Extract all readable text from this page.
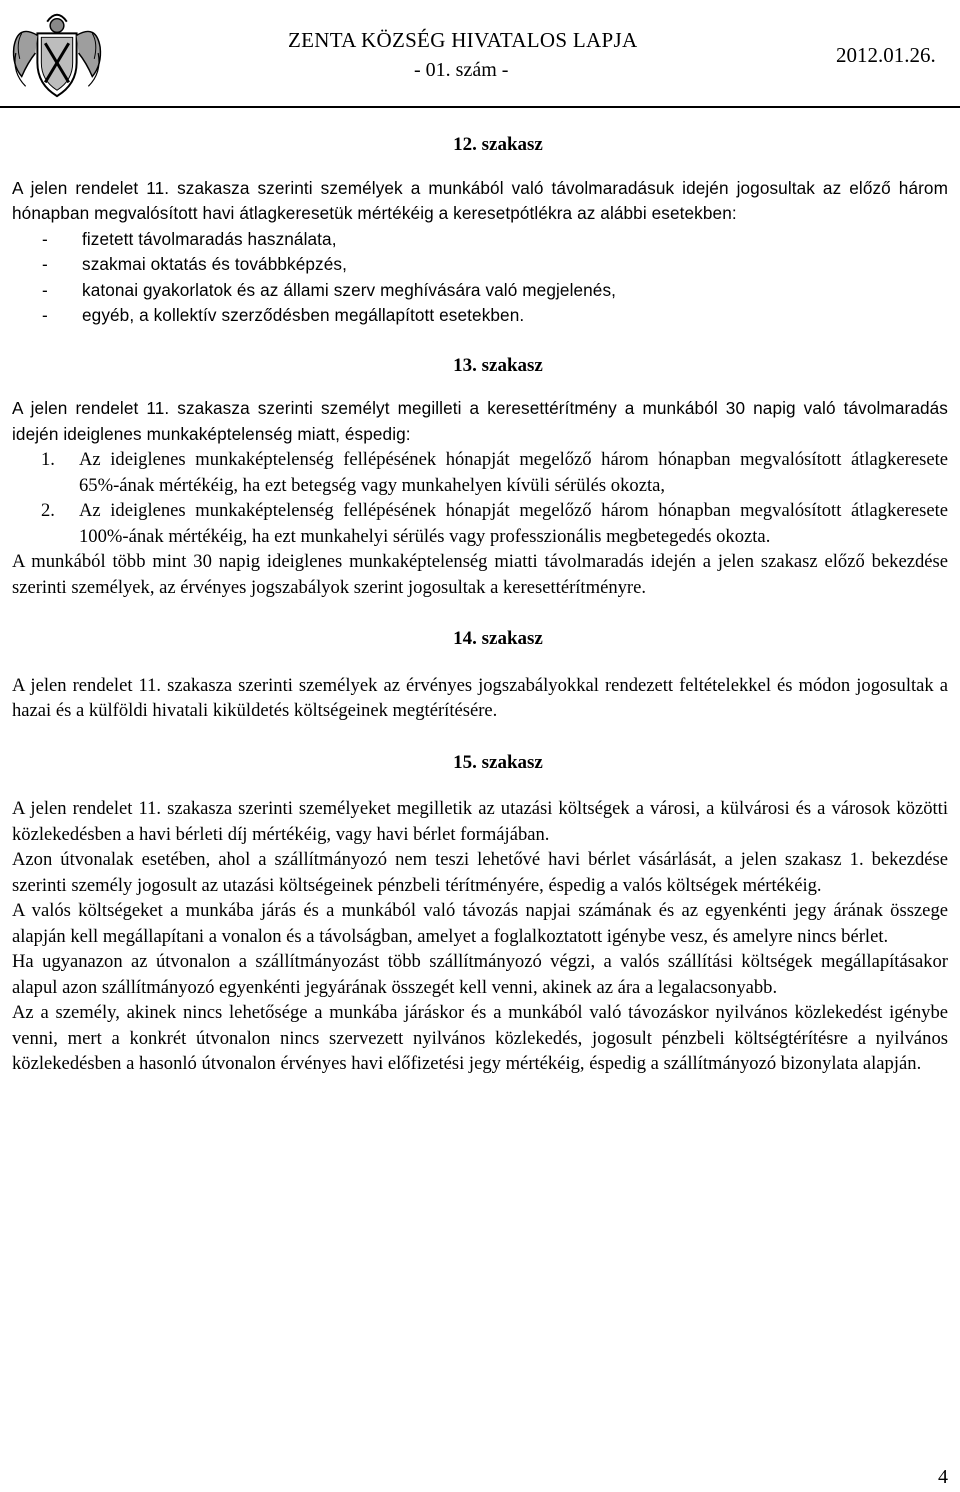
ZENTA KÖZSÉG HIVATALOS LAPJA
- 01. szám -
2012.01.26.

12. szakasz

A jelen rendelet 11. szakasza szerinti személyek a munkából való távolmaradásuk idején jogosultak az előző három hónapban megvalósított havi átlagkeresetük mértékéig a keresetpótlékra az alábbi esetekben:

- fizetett távolmaradás használata,
- szakmai oktatás és továbbképzés,
- katonai gyakorlatok és az állami szerv meghívására való megjelenés,
- egyéb, a kollektív szerződésben megállapított esetekben.

13. szakasz

A jelen rendelet 11. szakasza szerinti személyt megilleti a keresettérítmény a munkából 30 napig való távolmaradás idején ideiglenes munkaképtelenség miatt, éspedig:

1. Az ideiglenes munkaképtelenség fellépésének hónapját megelőző három hónapban megvalósított átlagkeresete 65%-ának mértékéig, ha ezt betegség vagy munkahelyen kívüli sérülés okozta,
2. Az ideiglenes munkaképtelenség fellépésének hónapját megelőző három hónapban megvalósított átlagkeresete 100%-ának mértékéig, ha ezt munkahelyi sérülés vagy professzionális megbetegedés okozta.

A munkából több mint 30 napig ideiglenes munkaképtelenség miatti távolmaradás idején a jelen szakasz előző bekezdése szerinti személyek, az érvényes jogszabályok szerint jogosultak a keresettérítményre.

14. szakasz

A jelen rendelet 11. szakasza szerinti személyek az érvényes jogszabályokkal rendezett feltételekkel és módon jogosultak a hazai és a külföldi hivatali kiküldetés költségeinek megtérítésére.

15. szakasz

A jelen rendelet 11. szakasza szerinti személyeket megilletik az utazási költségek a városi, a külvárosi és a városok közötti közlekedésben a havi bérleti díj mértékéig, vagy havi bérlet formájában.

Azon útvonalak esetében, ahol a szállítmányozó nem teszi lehetővé havi bérlet vásárlását, a jelen szakasz 1. bekezdése szerinti személy jogosult az utazási költségeinek pénzbeli térítményére, éspedig a valós költségek mértékéig.

A valós költségeket a munkába járás és a munkából való távozás napjai számának és az egyenkénti jegy árának összege alapján kell megállapítani a vonalon és a távolságban, amelyet a foglalkoztatott igénybe vesz, és amelyre nincs bérlet.

Ha ugyanazon az útvonalon a szállítmányozást több szállítmányozó végzi, a valós szállítási költségek megállapításakor alapul azon szállítmányozó egyenkénti jegyárának összegét kell venni, akinek az ára a legalacsonyabb.

Az a személy, akinek nincs lehetősége a munkába járáskor és a munkából való távozáskor nyilvános közlekedést igénybe venni, mert a konkrét útvonalon nincs szervezett nyilvános közlekedés, jogosult pénzbeli költségtérítésre a nyilvános közlekedésben a hasonló útvonalon érvényes havi előfizetési jegy mértékéig, éspedig a szállítmányozó bizonylata alapján.

4
